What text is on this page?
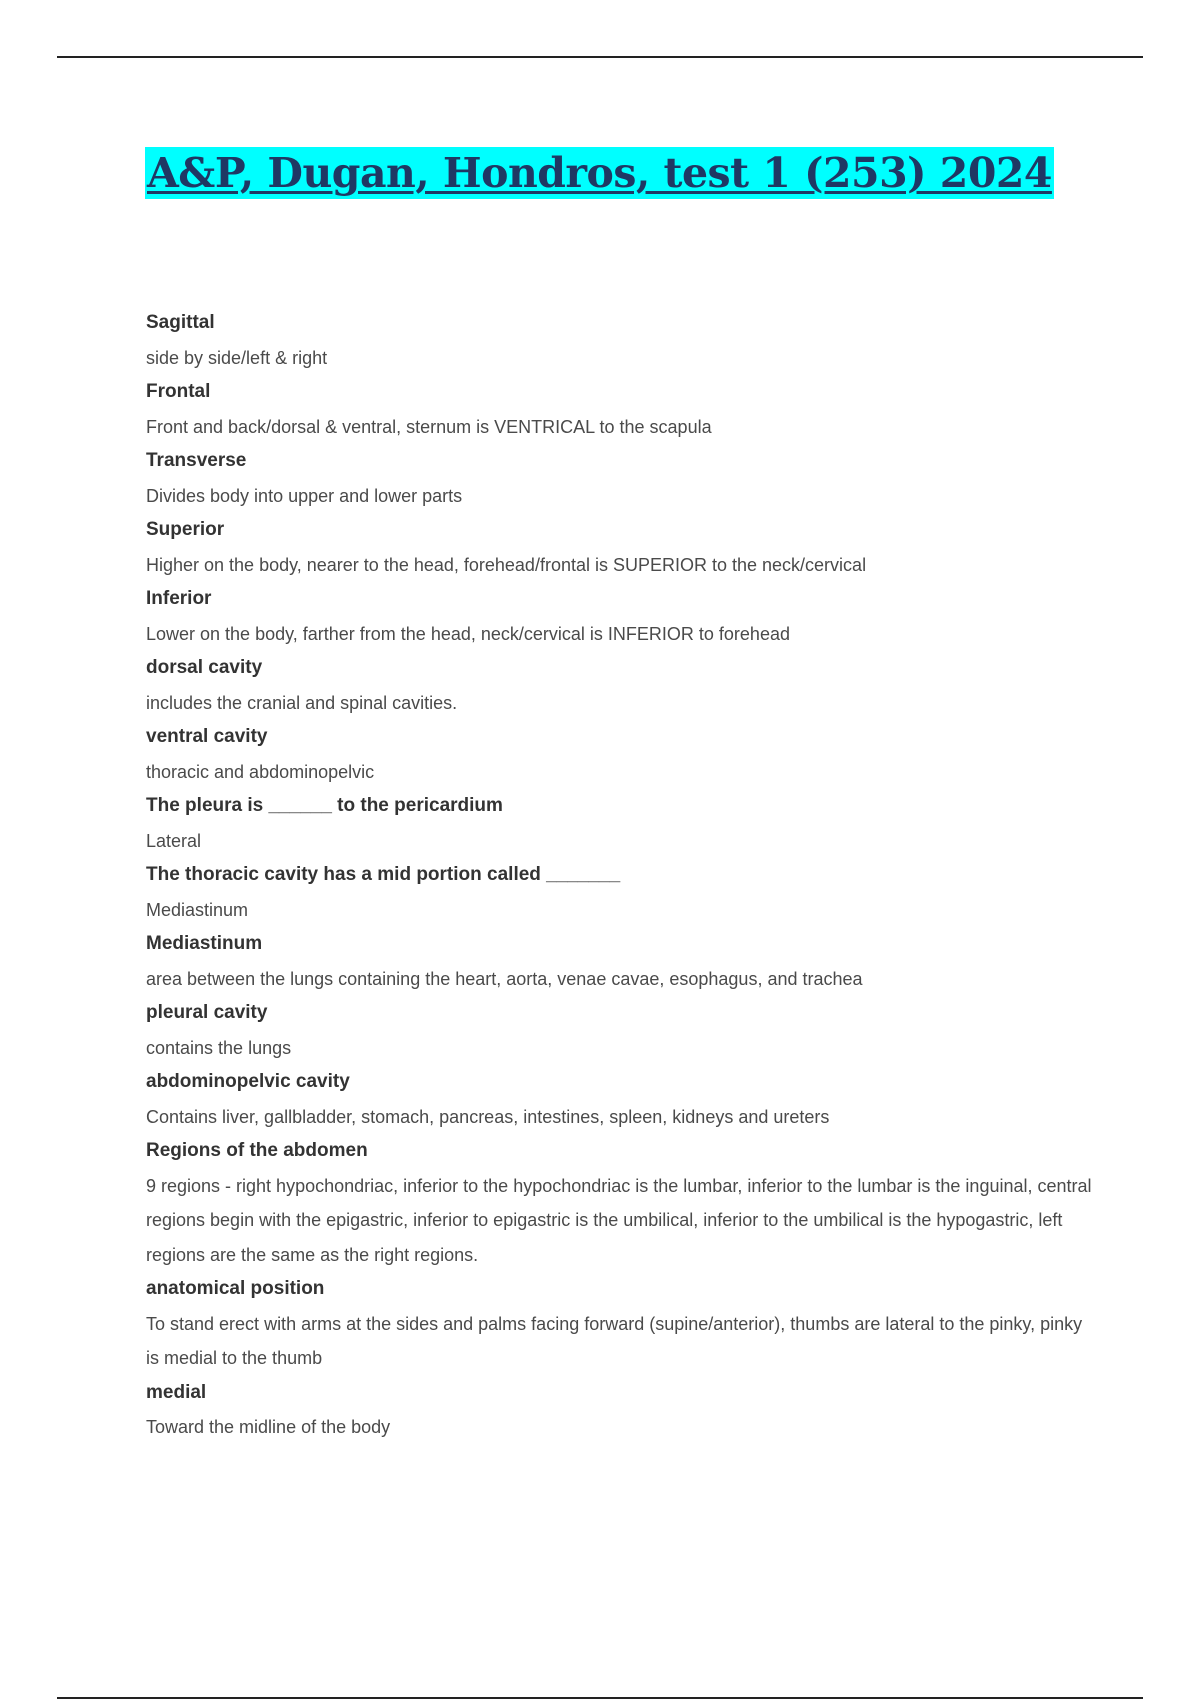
A&P, Dugan, Hondros, test 1 (253) 2024
Sagittal
side by side/left & right
Frontal
Front and back/dorsal & ventral, sternum is VENTRICAL to the scapula
Transverse
Divides body into upper and lower parts
Superior
Higher on the body, nearer to the head, forehead/frontal is SUPERIOR to the neck/cervical
Inferior
Lower on the body, farther from the head, neck/cervical is INFERIOR to forehead
dorsal cavity
includes the cranial and spinal cavities.
ventral cavity
thoracic and abdominopelvic
The pleura is ______ to the pericardium
Lateral
The thoracic cavity has a mid portion called _______
Mediastinum
Mediastinum
area between the lungs containing the heart, aorta, venae cavae, esophagus, and trachea
pleural cavity
contains the lungs
abdominopelvic cavity
Contains liver, gallbladder, stomach, pancreas, intestines, spleen, kidneys and ureters
Regions of the abdomen
9 regions - right hypochondriac, inferior to the hypochondriac is the lumbar, inferior to the lumbar is the inguinal, central regions begin with the epigastric, inferior to epigastric is the umbilical, inferior to the umbilical is the hypogastric, left regions are the same as the right regions.
anatomical position
To stand erect with arms at the sides and palms facing forward (supine/anterior), thumbs are lateral to the pinky, pinky is medial to the thumb
medial
Toward the midline of the body
